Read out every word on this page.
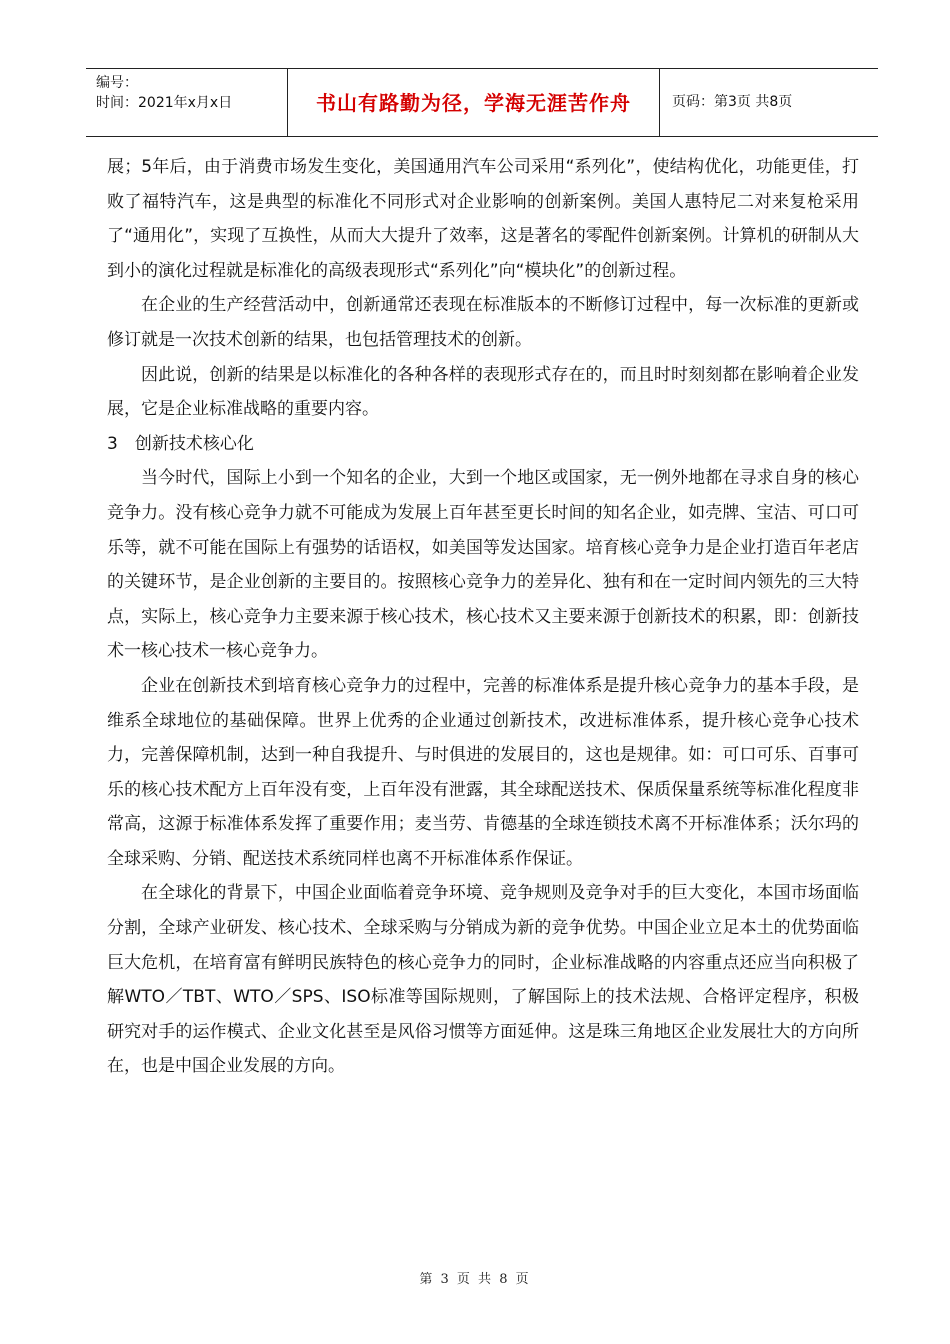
编号：
时间：2021年x月x日	书山有路勤为径，学海无涯苦作舟	页码：第3页 共8页

展；5年后，由于消费市场发生变化，美国通用汽车公司采用“系列化”，使结构优化，功能更佳，打败了福特汽车，这是典型的标准化不同形式对企业影响的创新案例。美国人惠特尼二对来复枪采用了“通用化”，实现了互换性，从而大大提升了效率，这是著名的零配件创新案例。计算机的研制从大到小的演化过程就是标准化的高级表现形式“系列化”向“模块化”的创新过程。

在企业的生产经营活动中，创新通常还表现在标准版本的不断修订过程中，每一次标准的更新或修订就是一次技术创新的结果，也包括管理技术的创新。

因此说，创新的结果是以标准化的各种各样的表现形式存在的，而且时时刻刻都在影响着企业发展，它是企业标准战略的重要内容。

3　创新技术核心化

当今时代，国际上小到一个知名的企业，大到一个地区或国家，无一例外地都在寻求自身的核心竞争力。没有核心竞争力就不可能成为发展上百年甚至更长时间的知名企业，如壳牌、宝洁、可口可乐等，就不可能在国际上有强势的话语权，如美国等发达国家。培育核心竞争力是企业打造百年老店的关键环节，是企业创新的主要目的。按照核心竞争力的差异化、独有和在一定时间内领先的三大特点，实际上，核心竞争力主要来源于核心技术，核心技术又主要来源于创新技术的积累，即：创新技术一核心技术一核心竞争力。

企业在创新技术到培育核心竞争力的过程中，完善的标准体系是提升核心竞争力的基本手段，是维系全球地位的基础保障。世界上优秀的企业通过创新技术，改进标准体系，提升核心竞争心技术力，完善保障机制，达到一种自我提升、与时俱进的发展目的，这也是规律。如：可口可乐、百事可乐的核心技术配方上百年没有变，上百年没有泄露，其全球配送技术、保质保量系统等标准化程度非常高，这源于标准体系发挥了重要作用；麦当劳、肯德基的全球连锁技术离不开标准体系；沃尔玛的全球采购、分销、配送技术系统同样也离不开标准体系作保证。

在全球化的背景下，中国企业面临着竞争环境、竞争规则及竞争对手的巨大变化，本国市场面临分割，全球产业研发、核心技术、全球采购与分销成为新的竞争优势。中国企业立足本土的优势面临巨大危机，在培育富有鲜明民族特色的核心竞争力的同时，企业标准战略的内容重点还应当向积极了解WTO／TBT、WTO／SPS、ISO标准等国际规则，了解国际上的技术法规、合格评定程序，积极研究对手的运作模式、企业文化甚至是风俗习惯等方面延伸。这是珠三角地区企业发展壮大的方向所在，也是中国企业发展的方向。

第 3 页 共 8 页
